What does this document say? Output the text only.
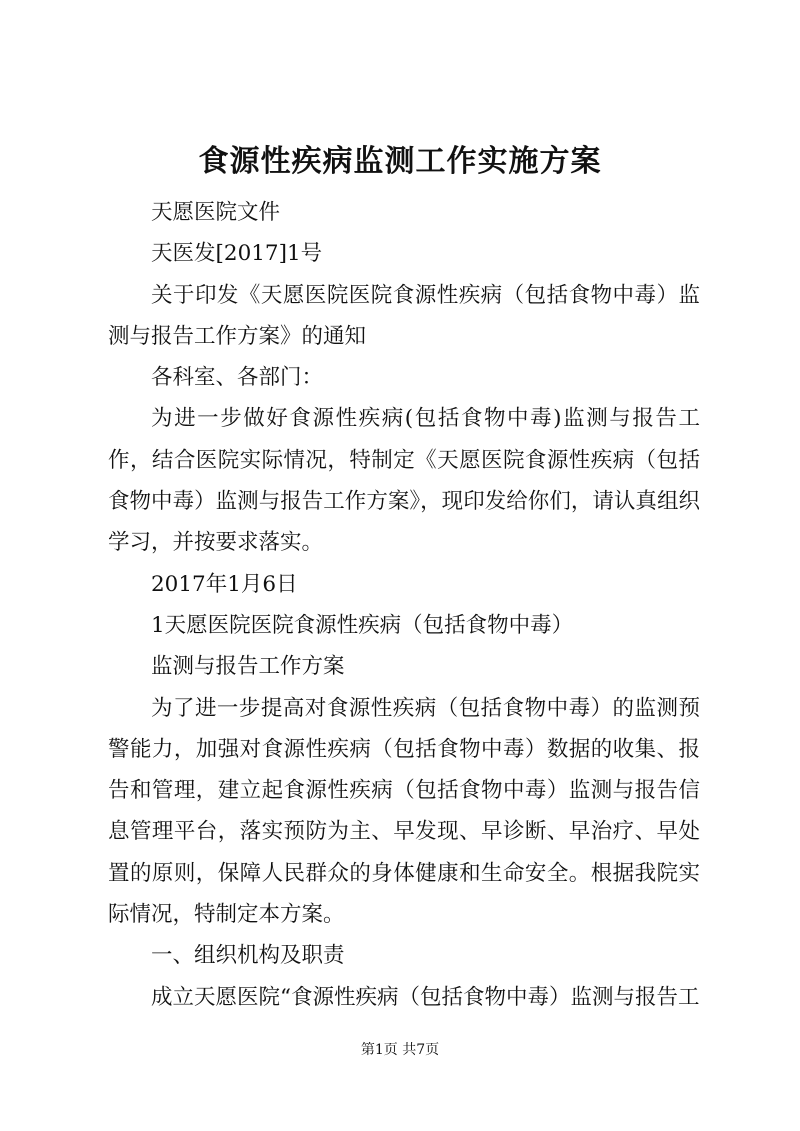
食源性疾病监测工作实施方案

天愿医院文件

天医发[2017]1号

关于印发《天愿医院医院食源性疾病（包括食物中毒）监测与报告工作方案》的通知

各科室、各部门：

为进一步做好食源性疾病(包括食物中毒)监测与报告工作，结合医院实际情况，特制定《天愿医院食源性疾病（包括食物中毒）监测与报告工作方案》，现印发给你们，请认真组织学习，并按要求落实。

2017年1月6日

1天愿医院医院食源性疾病（包括食物中毒）

监测与报告工作方案

为了进一步提高对食源性疾病（包括食物中毒）的监测预警能力，加强对食源性疾病（包括食物中毒）数据的收集、报告和管理，建立起食源性疾病（包括食物中毒）监测与报告信息管理平台，落实预防为主、早发现、早诊断、早治疗、早处置的原则，保障人民群众的身体健康和生命安全。根据我院实际情况，特制定本方案。

一、组织机构及职责

成立天愿医院“食源性疾病（包括食物中毒）监测与报告工

第1页 共7页
